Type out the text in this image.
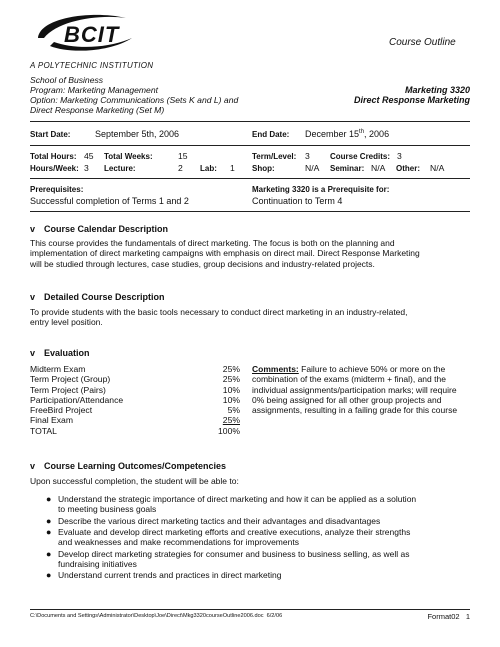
BCIT
A POLYTECHNIC INSTITUTION
Course Outline
School of Business
Program: Marketing Management
Option: Marketing Communications (Sets K and L) and
Direct Response Marketing (Set M)
Marketing 3320
Direct Response Marketing
Start Date:	September 5th, 2006	End Date: December 15th, 2006
Total Hours: 45 Total Weeks:	15	Term/Level: 3	Course Credits: 3
Hours/Week: 3 Lecture:	2 Lab: 1 Shop:	N/A Seminar: N/A Other: N/A
Prerequisites:
Successful completion of Terms 1 and 2
Marketing 3320 is a Prerequisite for:
Continuation to Term 4
v Course Calendar Description
This course provides the fundamentals of direct marketing. The focus is both on the planning and
implementation of direct marketing campaigns with emphasis on direct mail. Direct Response Marketing
will be studied through lectures, case studies, group decisions and industry-related projects.
v Detailed Course Description
To provide students with the basic tools necessary to conduct direct marketing in an industry-related,
entry level position.
v Evaluation
Midterm Exam	25%
Term Project (Group)	25%
Term Project (Pairs)	10%
Participation/Attendance	10%
FreeBird Project	5%
Final Exam	25%
TOTAL	100%
Comments: Failure to achieve 50% or more on the
combination of the exams (midterm + final), and the
individual assignments/participation marks; will require
0% being assigned for all other group projects and
assignments, resulting in a failing grade for this course
v Course Learning Outcomes/Competencies
Upon successful completion, the student will be able to:
● Understand the strategic importance of direct marketing and how it can be applied as a solution
to meeting business goals
● Describe the various direct marketing tactics and their advantages and disadvantages
● Evaluate and develop direct marketing efforts and creative executions, analyze their strengths
and weaknesses and make recommendations for improvements
● Develop direct marketing strategies for consumer and business to business selling, as well as
fundraising initiatives
● Understand current trends and practices in direct marketing
C:\Documents and Settings\Administrator\Desktop\Joe\Direct\Mkg3320courseOutline2006.doc 6/2/06	Format02 1
